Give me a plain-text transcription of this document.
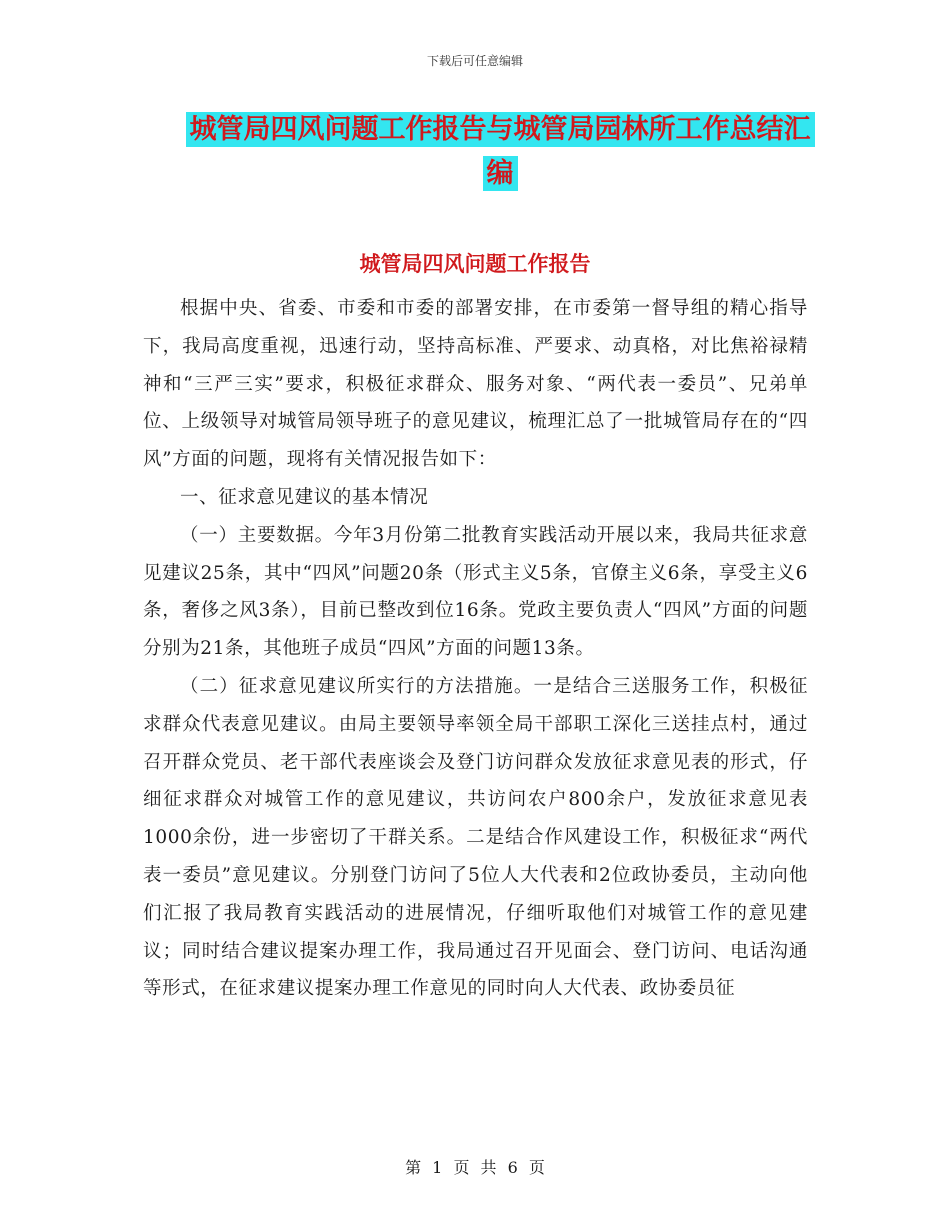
下载后可任意编辑
城管局四风问题工作报告与城管局园林所工作总结汇编
城管局四风问题工作报告

根据中央、省委、市委和市委的部署安排，在市委第一督导组的精心指导下，我局高度重视，迅速行动，坚持高标准、严要求、动真格，对比焦裕禄精神和“三严三实”要求，积极征求群众、服务对象、“两代表一委员”、兄弟单位、上级领导对城管局领导班子的意见建议，梳理汇总了一批城管局存在的“四风”方面的问题，现将有关情况报告如下：

一、征求意见建议的基本情况

（一）主要数据。今年3月份第二批教育实践活动开展以来，我局共征求意见建议25条，其中“四风”问题20条（形式主义5条，官僚主义6条，享受主义6条，奢侈之风3条），目前已整改到位16条。党政主要负责人“四风”方面的问题分别为21条，其他班子成员“四风”方面的问题13条。

（二）征求意见建议所实行的方法措施。一是结合三送服务工作，积极征求群众代表意见建议。由局主要领导率领全局干部职工深化三送挂点村，通过召开群众党员、老干部代表座谈会及登门访问群众发放征求意见表的形式，仔细征求群众对城管工作的意见建议，共访问农户800余户，发放征求意见表1000余份，进一步密切了干群关系。二是结合作风建设工作，积极征求“两代表一委员”意见建议。分别登门访问了5位人大代表和2位政协委员，主动向他们汇报了我局教育实践活动的进展情况，仔细听取他们对城管工作的意见建议；同时结合建议提案办理工作，我局通过召开见面会、登门访问、电话沟通等形式，在征求建议提案办理工作意见的同时向人大代表、政协委员征

第 1 页 共 6 页
